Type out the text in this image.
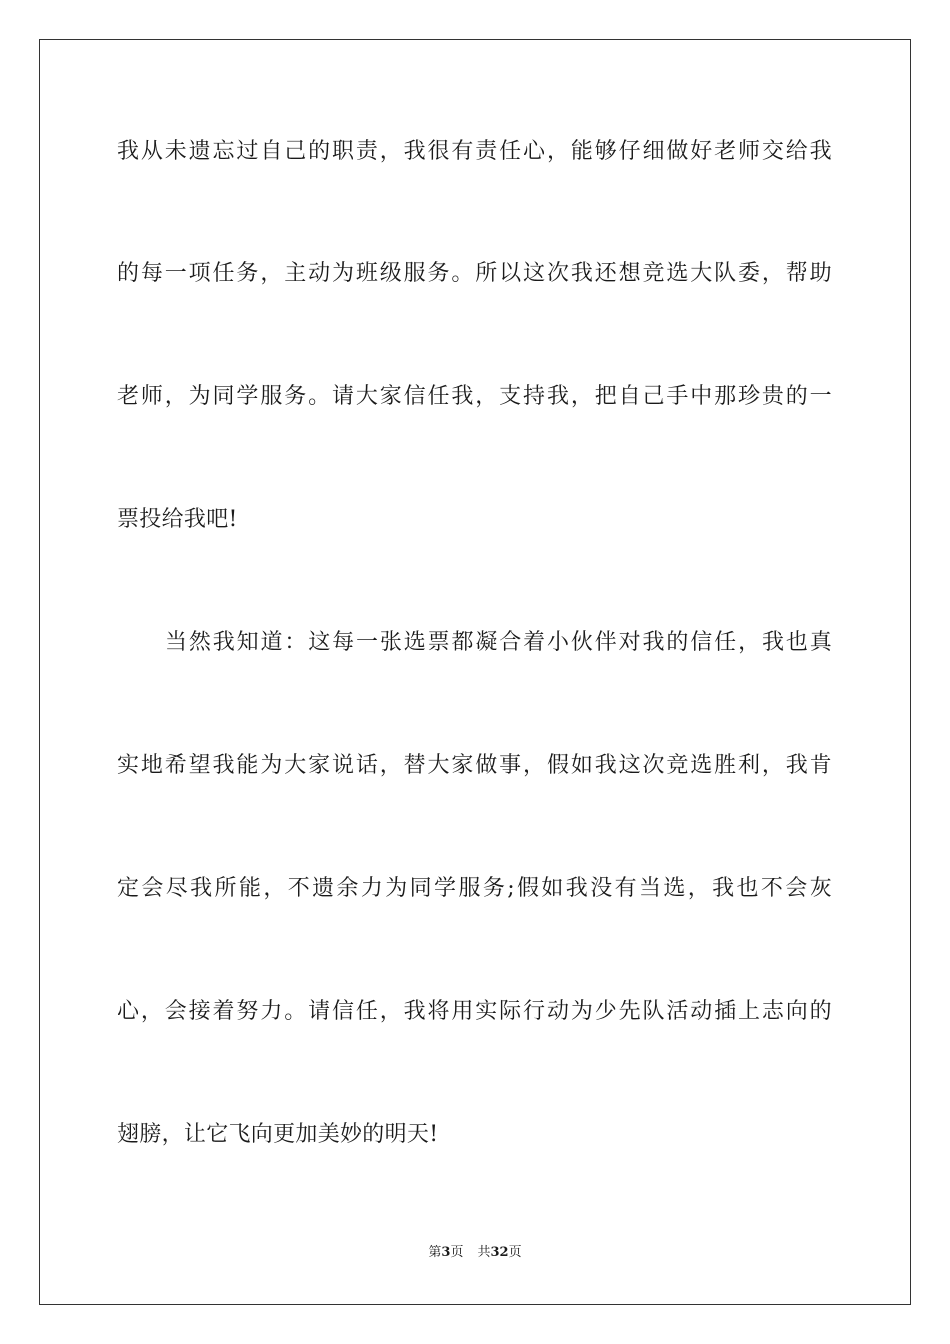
我从未遗忘过自己的职责，我很有责任心，能够仔细做好老师交给我
的每一项任务，主动为班级服务。所以这次我还想竞选大队委，帮助
老师，为同学服务。请大家信任我，支持我，把自己手中那珍贵的一
票投给我吧!
当然我知道：这每一张选票都凝合着小伙伴对我的信任，我也真
实地希望我能为大家说话，替大家做事，假如我这次竞选胜利，我肯
定会尽我所能，不遗余力为同学服务;假如我没有当选，我也不会灰
心，会接着努力。请信任，我将用实际行动为少先队活动插上志向的
翅膀，让它飞向更加美妙的明天!
第3页 共32页
